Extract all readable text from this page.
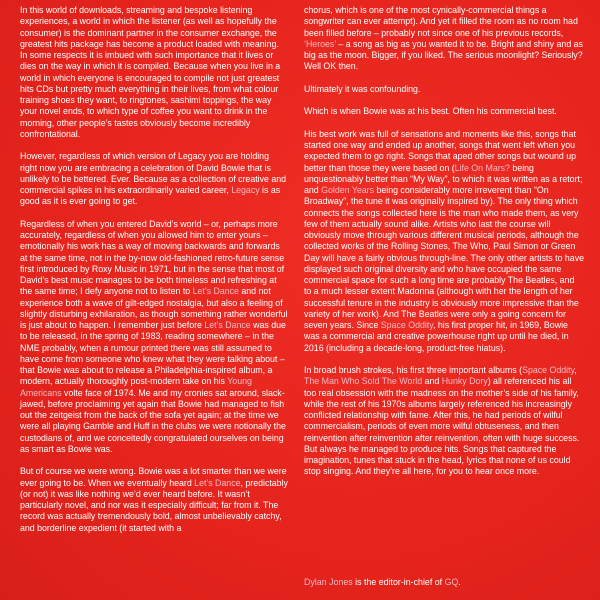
In this world of downloads, streaming and bespoke listening experiences, a world in which the listener (as well as hopefully the consumer) is the dominant partner in the consumer exchange, the greatest hits package has become a product loaded with meaning. In some respects it is imbued with such importance that it lives or dies on the way in which it is compiled. Because when you live in a world in which everyone is encouraged to compile not just greatest hits CDs but pretty much everything in their lives, from what colour training shoes they want, to ringtones, sashimi toppings, the way your novel ends, to which type of coffee you want to drink in the morning, other people’s tastes obviously become incredibly confrontational.

However, regardless of which version of Legacy you are holding right now you are embracing a celebration of David Bowie that is unlikely to be bettered. Ever. Because as a collection of creative and commercial spikes in his extraordinarily varied career, Legacy is as good as it is ever going to get.

Regardless of when you entered David’s world – or, perhaps more accurately, regardless of when you allowed him to enter yours – emotionally his work has a way of moving backwards and forwards at the same time, not in the by-now old-fashioned retro-future sense first introduced by Roxy Music in 1971, but in the sense that most of David’s best music manages to be both timeless and refreshing at the same time; I defy anyone not to listen to Let’s Dance and not experience both a wave of gilt-edged nostalgia, but also a feeling of slightly disturbing exhilaration, as though something rather wonderful is just about to happen. I remember just before Let’s Dance was due to be released, in the spring of 1983, reading somewhere – in the NME probably, when a rumour printed there was still assumed to have come from someone who knew what they were talking about – that Bowie was about to release a Philadelphia-inspired album, a modern, actually thoroughly post-modern take on his Young Americans volte face of 1974. Me and my cronies sat around, slack-jawed, before proclaiming yet again that Bowie had managed to fish out the zeitgeist from the back of the sofa yet again; at the time we were all playing Gamble and Huff in the clubs we were notionally the custodians of, and we conceitedly congratulated ourselves on being as smart as Bowie was.

But of course we were wrong. Bowie was a lot smarter than we were ever going to be. When we eventually heard Let’s Dance, predictably (or not) it was like nothing we’d ever heard before. It wasn’t particularly novel, and nor was it especially difficult; far from it. The record was actually tremendously bold, almost unbelievably catchy, and borderline expedient (it started with a

chorus, which is one of the most cynically-commercial things a songwriter can ever attempt). And yet it filled the room as no room had been filled before – probably not since one of his previous records, ‘Heroes’ – a song as big as you wanted it to be. Bright and shiny and as big as the moon. Bigger, if you liked. The serious moonlight? Seriously? Well OK then.

Ultimately it was confounding.

Which is when Bowie was at his best. Often his commercial best.

His best work was full of sensations and moments like this, songs that started one way and ended up another, songs that went left when you expected them to go right. Songs that aped other songs but wound up better than those they were based on (Life On Mars? being unquestionably better than “My Way”, to which it was written as a retort; and Golden Years being considerably more irreverent than “On Broadway”, the tune it was originally inspired by). The only thing which connects the songs collected here is the man who made them, as very few of them actually sound alike. Artists who last the course will obviously move through various different musical periods, although the collected works of the Rolling Stones, The Who, Paul Simon or Green Day will have a fairly obvious through-line. The only other artists to have displayed such original diversity and who have occupied the same commercial space for such a long time are probably The Beatles, and to a much lesser extent Madonna (although with her the length of her successful tenure in the industry is obviously more impressive than the variety of her work). And The Beatles were only a going concern for seven years. Since Space Oddity, his first proper hit, in 1969, Bowie was a commercial and creative powerhouse right up until he died, in 2016 (including a decade-long, product-free hiatus).

In broad brush strokes, his first three important albums (Space Oddity, The Man Who Sold The World and Hunky Dory) all referenced his all too real obsession with the madness on the mother’s side of his family, while the rest of his 1970s albums largely referenced his increasingly conflicted relationship with fame. After this, he had periods of wilful commercialism, periods of even more wilful obtuseness, and then reinvention after reinvention after reinvention, often with huge success. But always he managed to produce hits. Songs that captured the imagination, tunes that stuck in the head, lyrics that none of us could stop singing. And they’re all here, for you to hear once more.

Dylan Jones is the editor-in-chief of GQ.
